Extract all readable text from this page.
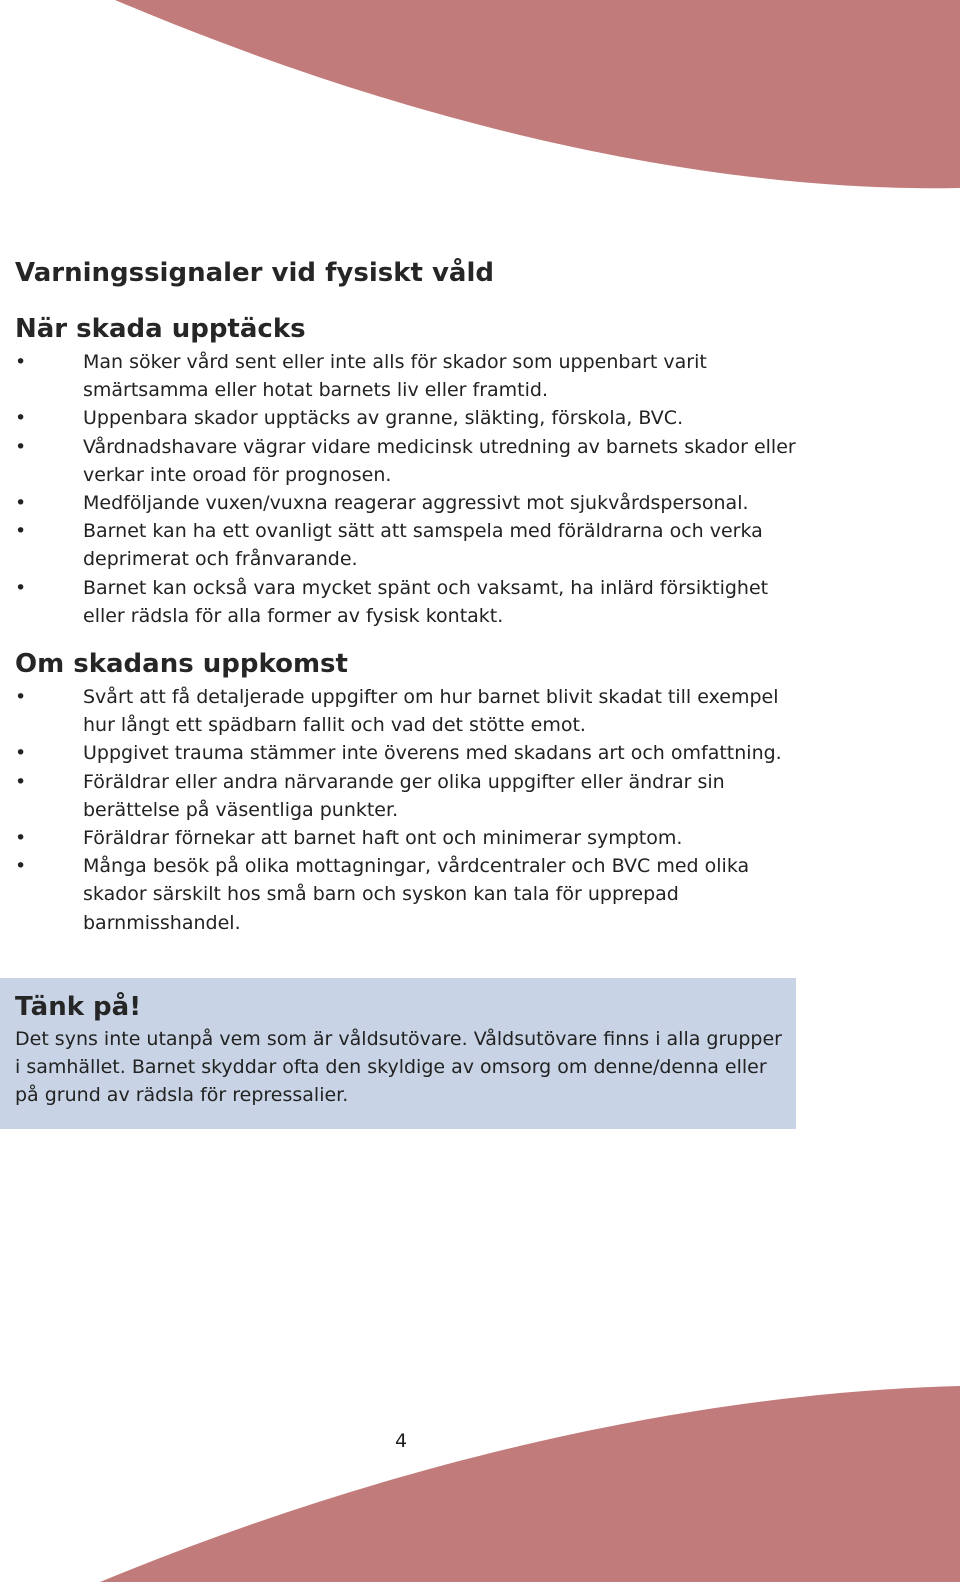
Varningssignaler vid fysiskt våld
När skada upptäcks
•	Man söker vård sent eller inte alls för skador som uppenbart varit smärtsamma eller hotat barnets liv eller framtid.
•	Uppenbara skador upptäcks av granne, släkting, förskola, BVC.
•	Vårdnadshavare vägrar vidare medicinsk utredning av barnets skador eller verkar inte oroad för prognosen.
•	Medföljande vuxen/vuxna reagerar aggressivt mot sjukvårdspersonal.
•	Barnet kan ha ett ovanligt sätt att samspela med föräldrarna och verka deprimerat och frånvarande.
•	Barnet kan också vara mycket spänt och vaksamt, ha inlärd försiktighet eller rädsla för alla former av fysisk kontakt.
Om skadans uppkomst
•	Svårt att få detaljerade uppgifter om hur barnet blivit skadat till exempel hur långt ett spädbarn fallit och vad det stötte emot.
•	Uppgivet trauma stämmer inte överens med skadans art och omfattning.
•	Föräldrar eller andra närvarande ger olika uppgifter eller ändrar sin berättelse på väsentliga punkter.
•	Föräldrar förnekar att barnet haft ont och minimerar symptom.
•	Många besök på olika mottagningar, vårdcentraler och BVC med olika skador särskilt hos små barn och syskon kan tala för upprepad barnmisshandel.
Tänk på!

Det syns inte utanpå vem som är våldsutövare. Våldsutövare finns i alla grupper i samhället. Barnet skyddar ofta den skyldige av omsorg om denne/denna eller på grund av rädsla för repressalier.

4
